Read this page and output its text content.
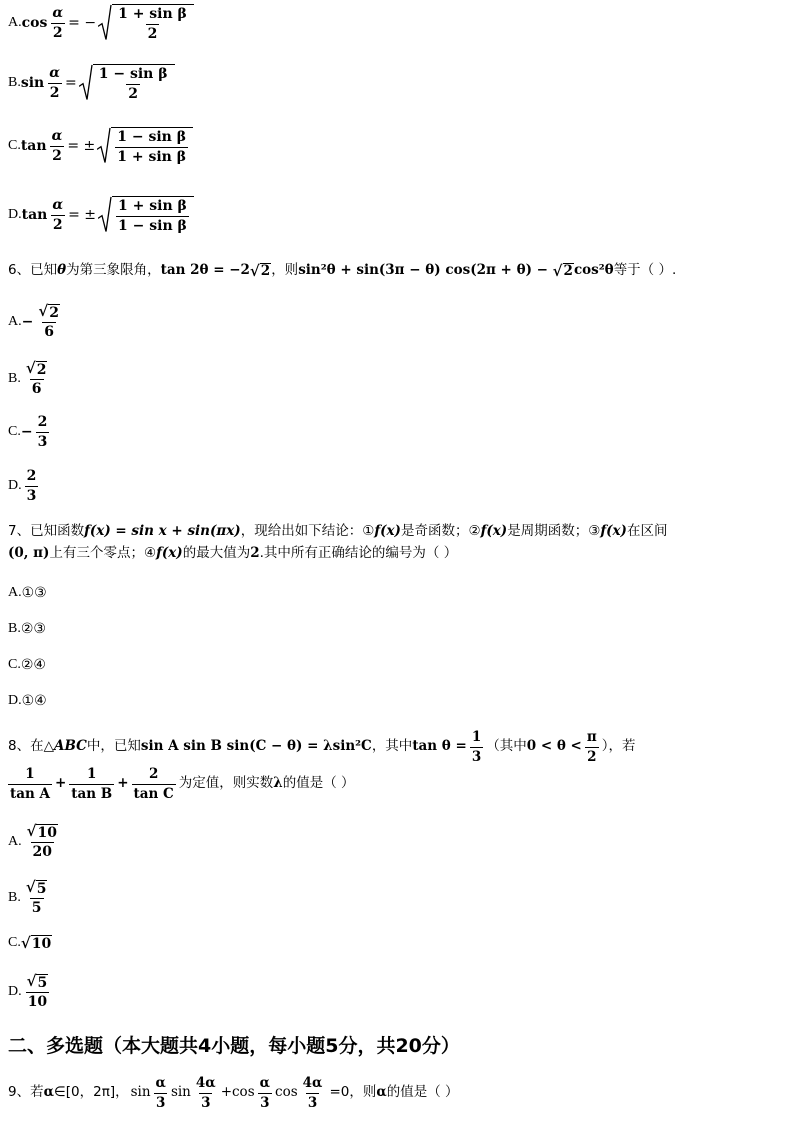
A. $\cos \frac{\alpha}{2}$ = − $\frac{\text{1 + sin β}}{2}$
B. $\sin \frac{\alpha}{2} = \frac{\text{1 − sin β}}{2}$
C. $\tan \frac{\alpha}{2}$ = ± $\frac{\text{1 − sin β}}{\text{1 + sin β}}$
D. $\tan \frac{\alpha}{2}$ = ± $\frac{\text{1 + sin β}}{\text{1 − sin β}}$
6、已知 θ 为第三象限角， tan 2θ = −2 √ 2 ，则 sin²θ + sin(3π − θ) cos(2π + θ) − √ 2 cos²θ 等于（ ）.
A. − $\frac{√ 2}{6}$
B. $\frac{√ 2}{6}$
C. − $\frac{2}{3}$
D. $\frac{2}{3}$
7、已知函数 f(x) = sin x + sin(πx) ，现给出如下结论：① f(x) 是奇函数；② f(x) 是周期函数；③ f(x) 在区间
(0, π) 上有三个零点；④ f(x) 的最大值为 2 .其中所有正确结论的编号为（ ）
A. ①③
B. ②③
C. ②④
D. ①④
8、在△ ABC 中，已知 sin A sin B sin(C − θ) = λsin²C ，其中 $\tan \theta = \frac{1}{3}$ （其中 $0 < \theta < \frac{\pi}{2}$ ），若
$\frac{1}{\text{tan A}} + \frac{1}{\text{tan B}} + \frac{2}{\text{tan C}}$ 为定值，则实数 λ 的值是（ ）
A. $\frac{√ 10}{20}$
B. $\frac{√ 5}{5}$
C. √ 10
D. $\frac{√ 5}{10}$
二、多选题（本大题共4小题，每小题5分，共20分）
9、若 α ∈[0，2π]， $\sin \frac{\alpha}{3}$ $\sin \frac{4\alpha}{3} +\cos \frac{\alpha}{3}$ $\cos \frac{4\alpha}{3} =0$，则 α 的值是（ ）
